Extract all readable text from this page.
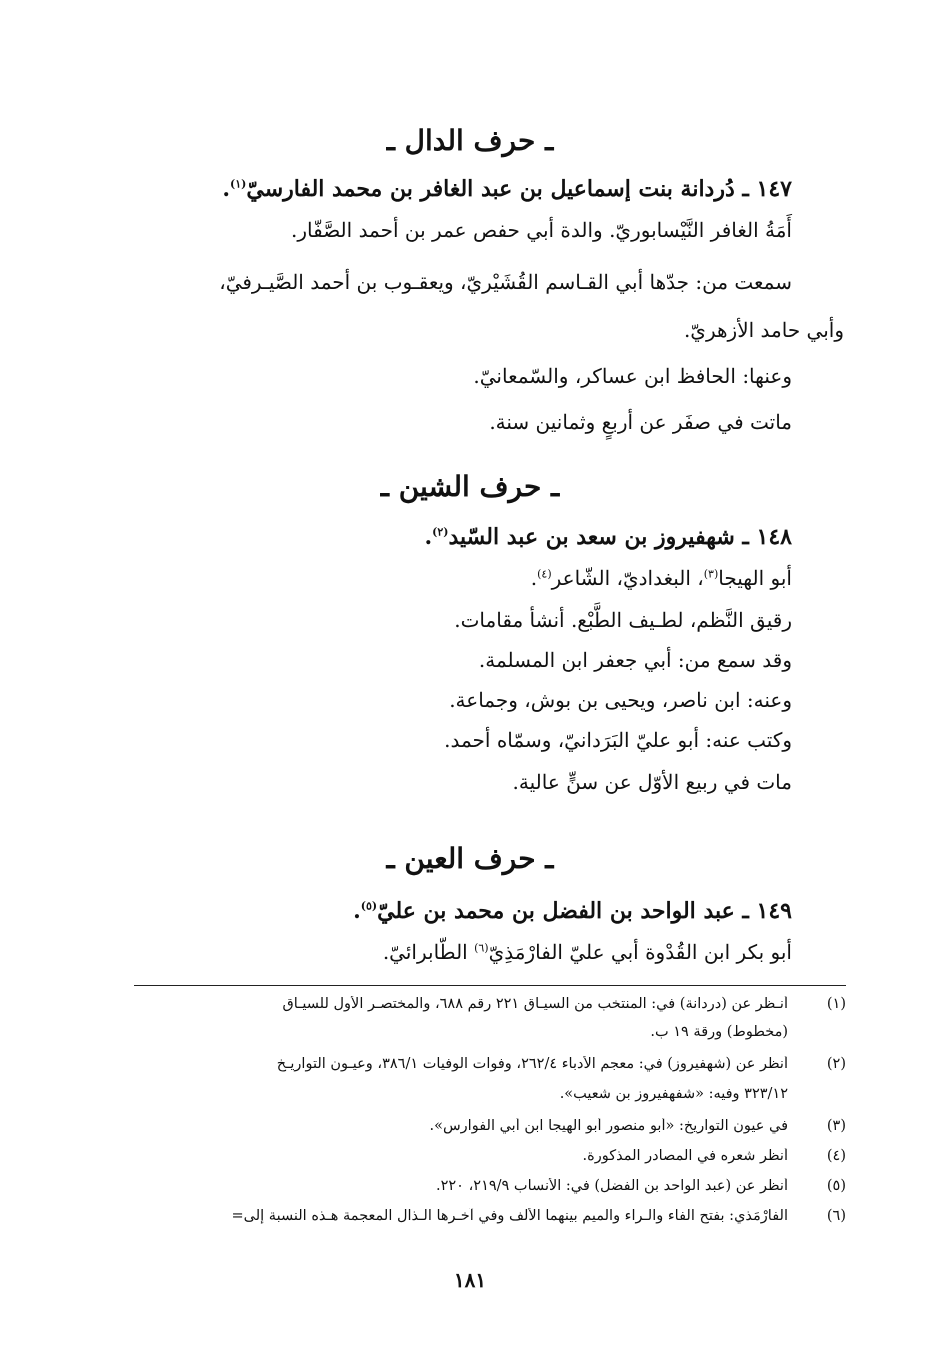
ـ حرف الدال ـ
١٤٧ ـ دُردانة بنت إسماعيل بن عبد الغافر بن محمد الفارسيّ$^{(١)}$.
أَمَةُ الغافر النَّيْسابوريّ. والدة أبي حفص عمر بن أحمد الصَّفّار.
سمعت من: جدّها أبي القـاسم القُشَيْريّ، ويعقـوب بن أحمد الصَّيـرفيّ،
وأبي حامد الأزهريّ.
وعنها: الحافظ ابن عساكر، والسّمعانيّ.
ماتت في صفَر عن أربعٍ وثمانين سنة.
ـ حرف الشين ـ
١٤٨ ـ شهفيروز بن سعد بن عبد السّيد$^{(٢)}$.
أبو الهيجا$^{(٣)}$، البغداديّ، الشّاعر$^{(٤)}$.
رقيق النَّظم، لطـيف الطَّبْع. أنشأ مقامات.
وقد سمع من: أبي جعفر ابن المسلمة.
وعنه: ابن ناصر، ويحيى بن بوش، وجماعة.
وكتب عنه: أبو عليّ البَرَدانيّ، وسمّاه أحمد.
مات في ربيع الأوّل عن سنٍّ عالية.
ـ حرف العين ـ
١٤٩ ـ عبد الواحد بن الفضل بن محمد بن عليّ$^{(٥)}$.
أبو بكر ابن القُدْوة أبي عليّ الفارْمَذِيّ$^{(٦)}$ الطّابرائيّ.
(١)
أنـظر عن (دردانة) في: المنتخب من السيـاق ٢٢١ رقم ٦٨٨، والمختصـر الأول للسيـاق
(مخطوط) ورقة ١٩ ب.
(٢)
أنظر عن (شهفيروز) في: معجم الأدباء ٢٦٢/٤، وفوات الوفيات ٣٨٦/١، وعيـون التواريـخ
٣٢٣/١٢ وفيه: «شفهفيروز بن شعيب».
(٣)
في عيون التواريخ: «أبو منصور أبو الهيجا ابن أبي الفوارس».
(٤)
أنظر شعره في المصادر المذكورة.
(٥)
أنظر عن (عبد الواحد بن الفضل) في: الأنساب ٢١٩/٩، ٢٢٠.
(٦)
الفارْمَذي: بفتح الفاء والـراء والميم بينهما الألف وفي آخـرها الـذال المعجمة هـذه النسبة إلى=
١٨١
